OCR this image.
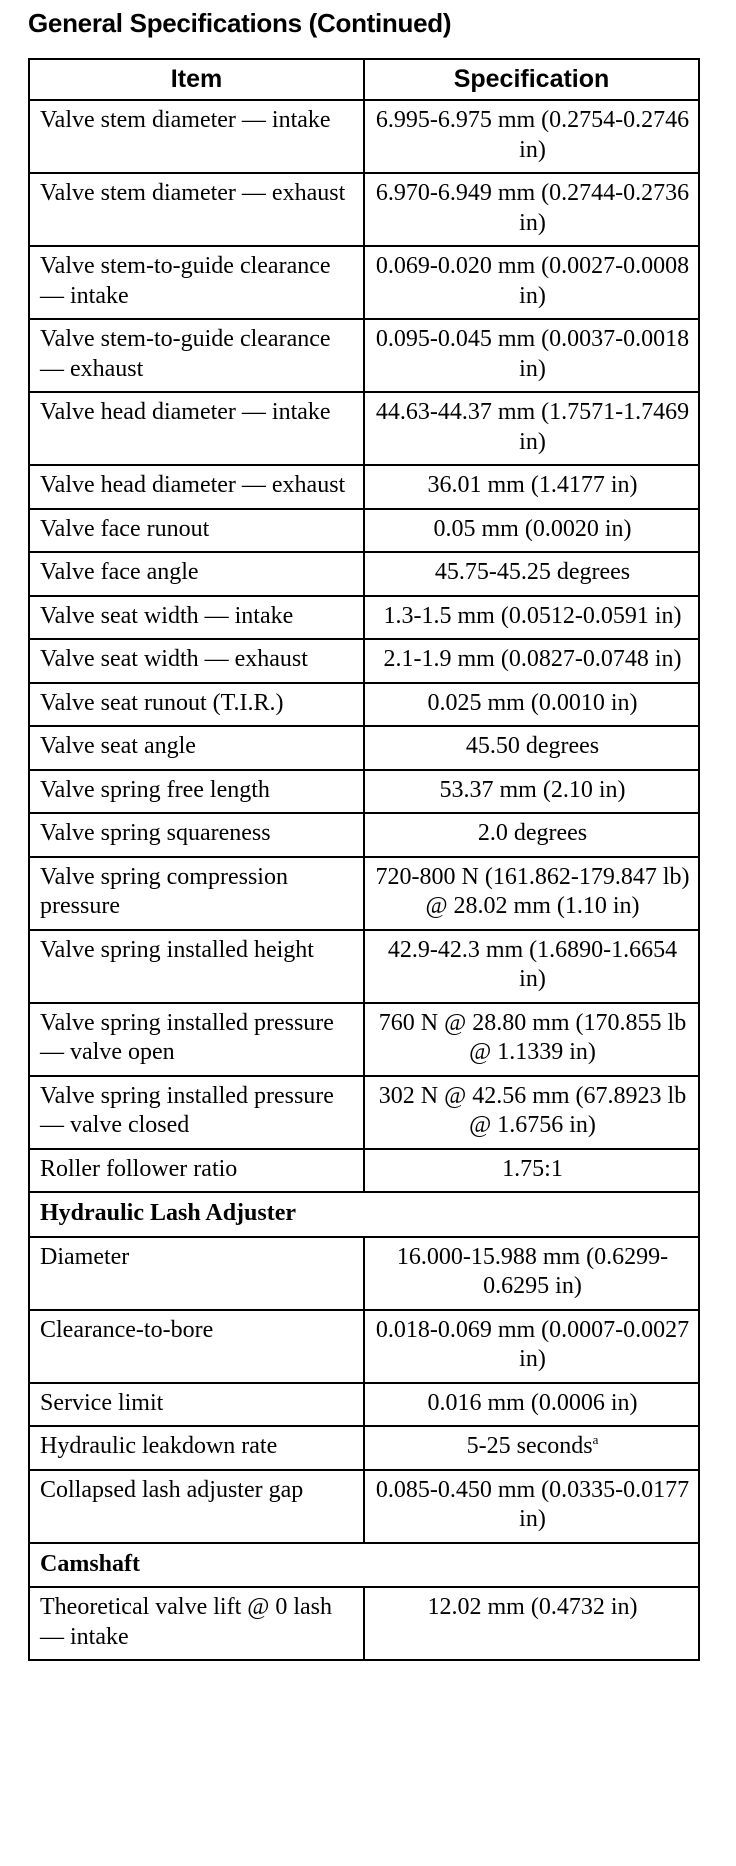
General Specifications (Continued)
Item	Specification
Valve stem diameter — intake	6.995-6.975 mm (0.2754-0.2746 in)
Valve stem diameter — exhaust	6.970-6.949 mm (0.2744-0.2736 in)
Valve stem-to-guide clearance — intake	0.069-0.020 mm (0.0027-0.0008 in)
Valve stem-to-guide clearance — exhaust	0.095-0.045 mm (0.0037-0.0018 in)
Valve head diameter — intake	44.63-44.37 mm (1.7571-1.7469 in)
Valve head diameter — exhaust	36.01 mm (1.4177 in)
Valve face runout	0.05 mm (0.0020 in)
Valve face angle	45.75-45.25 degrees
Valve seat width — intake	1.3-1.5 mm (0.0512-0.0591 in)
Valve seat width — exhaust	2.1-1.9 mm (0.0827-0.0748 in)
Valve seat runout (T.I.R.)	0.025 mm (0.0010 in)
Valve seat angle	45.50 degrees
Valve spring free length	53.37 mm (2.10 in)
Valve spring squareness	2.0 degrees
Valve spring compression pressure	720-800 N (161.862-179.847 lb) @ 28.02 mm (1.10 in)
Valve spring installed height	42.9-42.3 mm (1.6890-1.6654 in)
Valve spring installed pressure — valve open	760 N @ 28.80 mm (170.855 lb @ 1.1339 in)
Valve spring installed pressure — valve closed	302 N @ 42.56 mm (67.8923 lb @ 1.6756 in)
Roller follower ratio	1.75:1
Hydraulic Lash Adjuster	
Diameter	16.000-15.988 mm (0.6299-0.6295 in)
Clearance-to-bore	0.018-0.069 mm (0.0007-0.0027 in)
Service limit	0.016 mm (0.0006 in)
Hydraulic leakdown rate	5-25 seconds$^a$
Collapsed lash adjuster gap	0.085-0.450 mm (0.0335-0.0177 in)
Camshaft	
Theoretical valve lift @ 0 lash — intake	12.02 mm (0.4732 in)
